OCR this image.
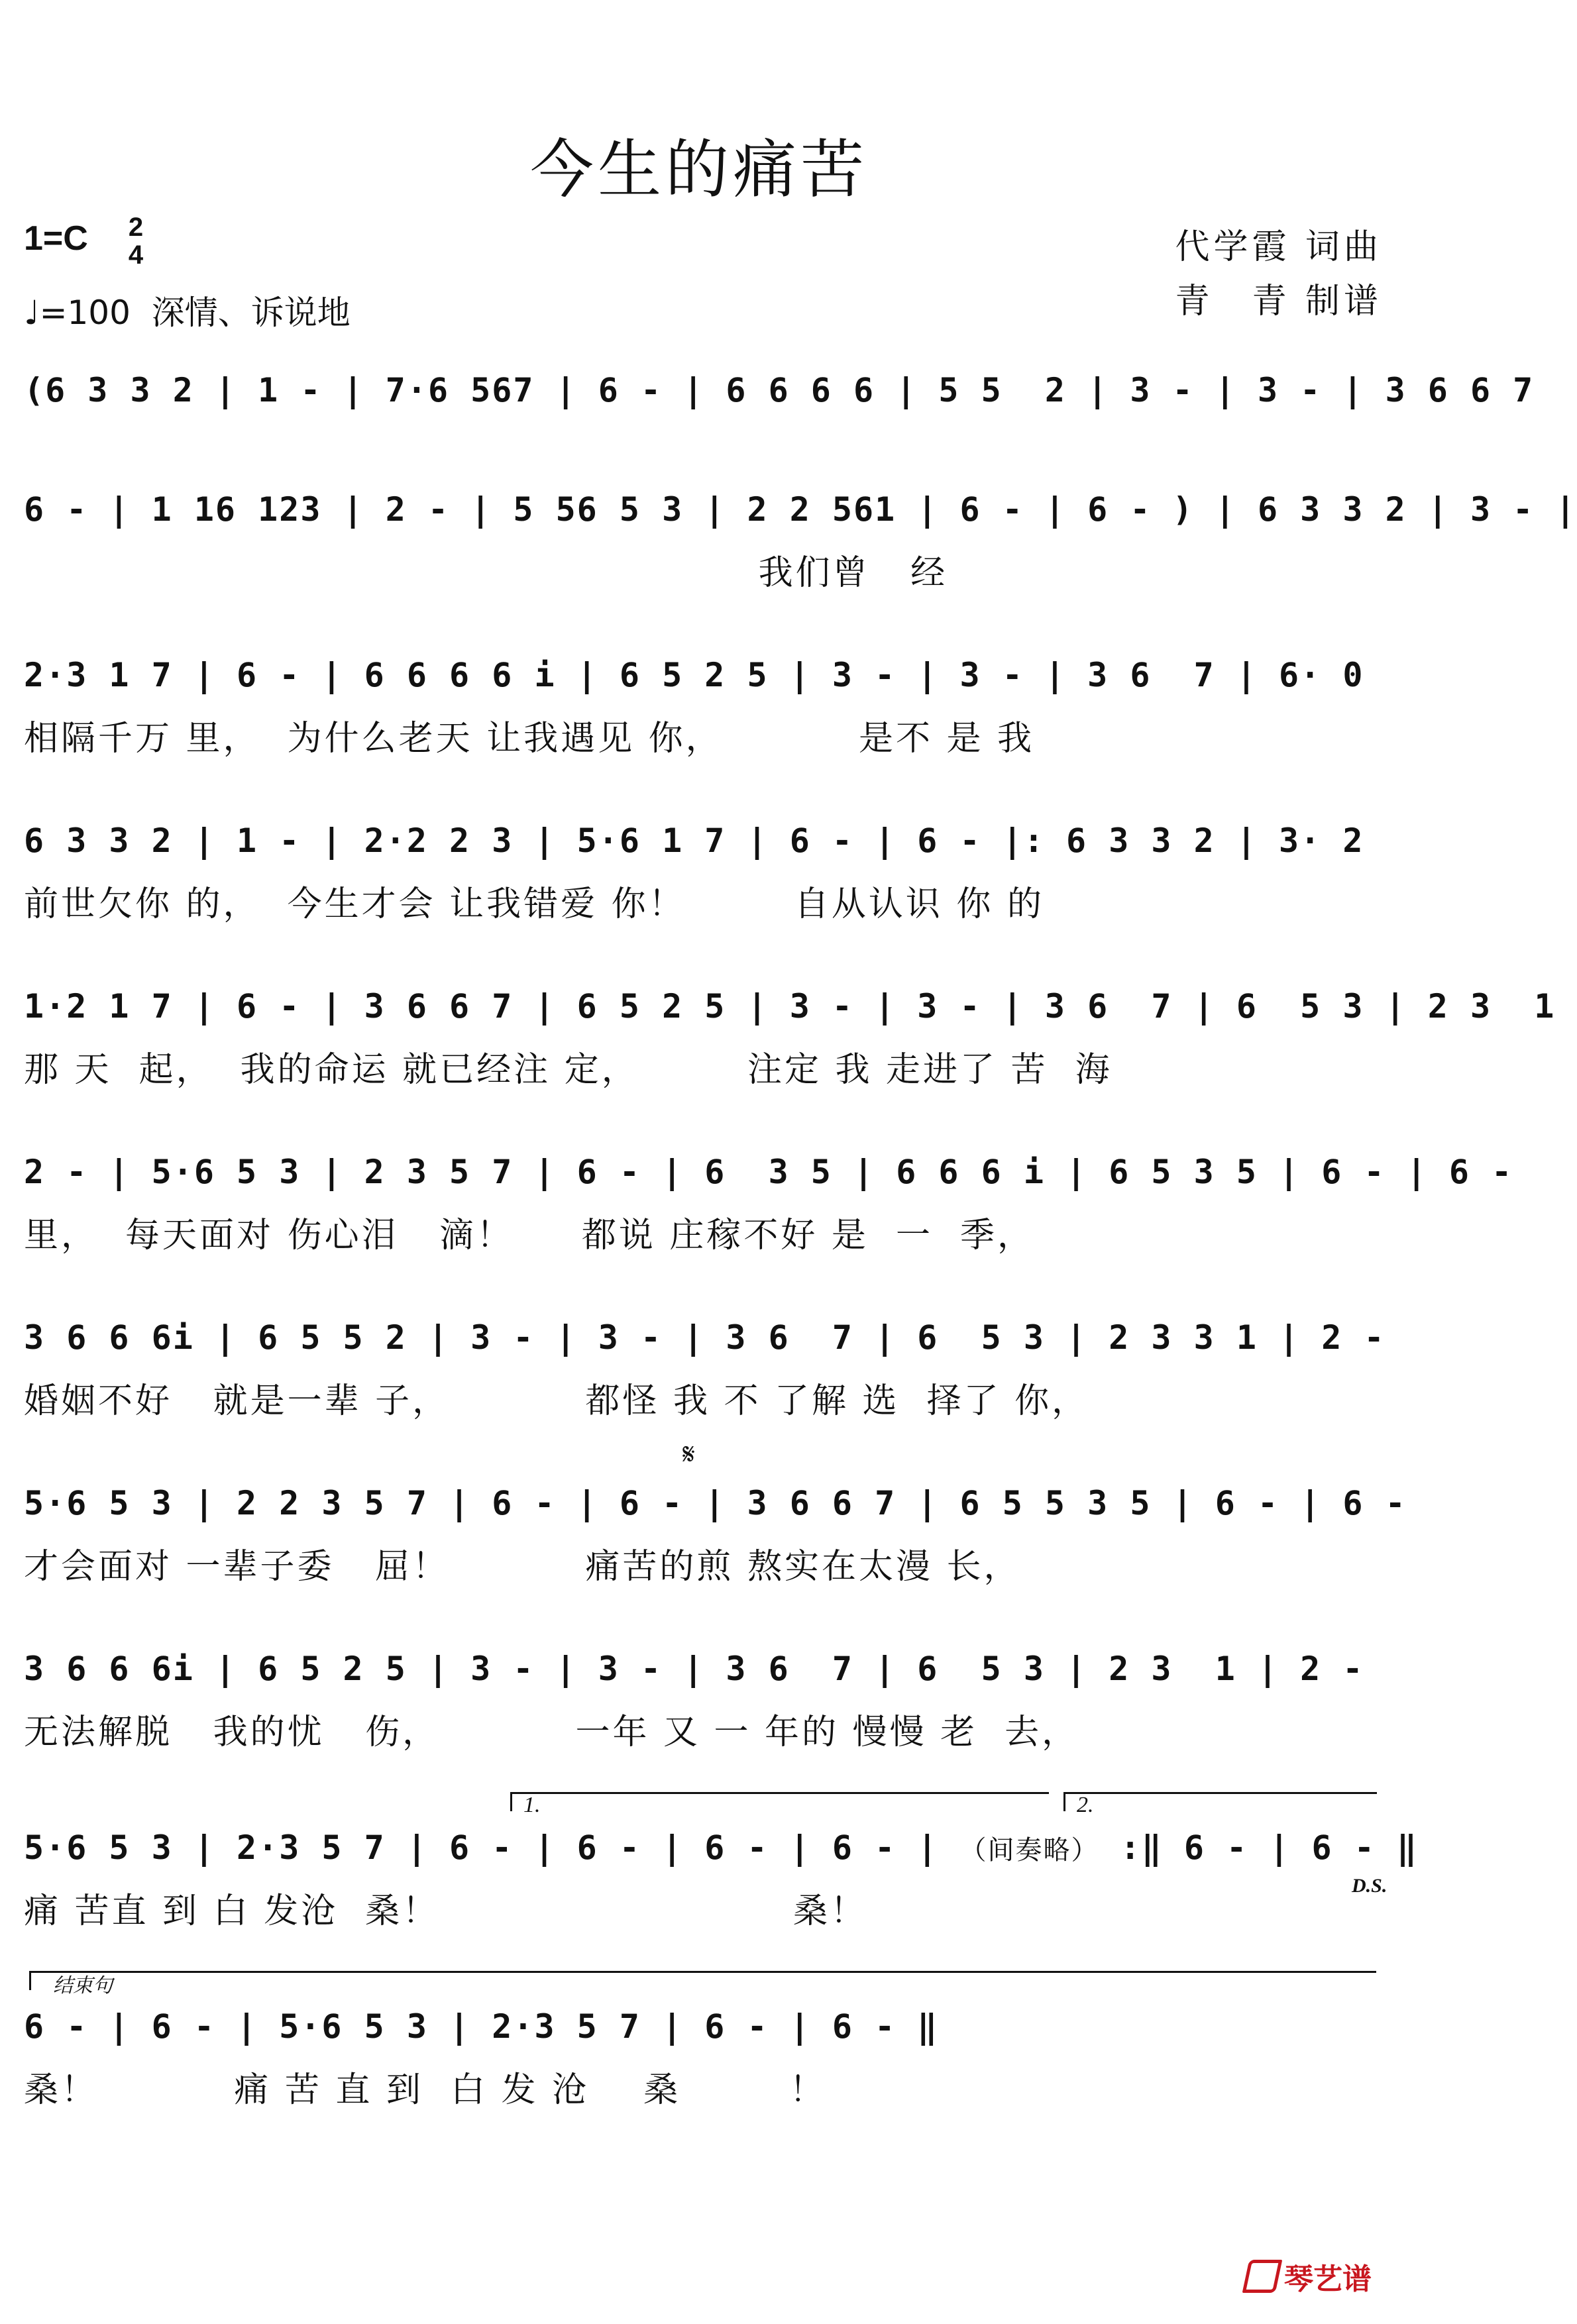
今生的痛苦
1=C 2
4
♩=100  深情、诉说地
代学霞 词曲
青　青 制谱
(6 3 3 2 | 1 - | 7·6 567 | 6 - | 6 6 6 6 | 5 5  2 | 3 - | 3 - | 3 6 6 7
6 - | 1 16 123 | 2 - | 5 56 5 3 | 2 2 561 | 6 - | 6 - ) | 6 3 3 2 | 3 - |
我们曾   经
2·3 1 7 | 6 - | 6 6 6 6 i | 6 5 2 5 | 3 - | 3 - | 3 6  7 | 6· 0
相隔千万 里，  为什么老天 让我遇见 你，          是不 是 我
6 3 3 2 | 1 - | 2·2 2 3 | 5·6 1 7 | 6 - | 6 - |: 6 3 3 2 | 3· 2
前世欠你 的，  今生才会 让我错爱 你！        自从认识 你 的
1·2 1 7 | 6 - | 3 6 6 7 | 6 5 2 5 | 3 - | 3 - | 3 6  7 | 6  5 3 | 2 3  1
那 天  起，  我的命运 就已经注 定，        注定 我 走进了 苦  海
2 - | 5·6 5 3 | 2 3 5 7 | 6 - | 6  3 5 | 6 6 6 i | 6 5 3 5 | 6 - | 6 -
里，  每天面对 伤心泪   滴！     都说 庄稼不好 是  一  季，
3 6 6 6i | 6 5 5 2 | 3 - | 3 - | 3 6  7 | 6  5 3 | 2 3 3 1 | 2 -
婚姻不好   就是一辈 子，          都怪 我 不 了解 选  择了 你，
𝄋
5·6 5 3 | 2 2 3 5 7 | 6 - | 6 - | 3 6 6 7 | 6 5 5 3 5 | 6 - | 6 -
才会面对 一辈子委   屈！          痛苦的煎 熬实在太漫 长，
3 6 6 6i | 6 5 2 5 | 3 - | 3 - | 3 6  7 | 6  5 3 | 2 3  1 | 2 -
无法解脱   我的忧   伤，          一年 又 一 年的 慢慢 老  去，
1.	2.
5·6 5 3 | 2·3 5 7 | 6 - | 6 - | 6 - | 6 - | （间奏略） :‖ 6 - | 6 - ‖
痛 苦直 到 白 发沧  桑！                          桑！
D.S.
结束句
6 - | 6 - | 5·6 5 3 | 2·3 5 7 | 6 - | 6 - ‖
桑！          痛 苦 直 到  白 发 沧    桑        ！
琴艺谱
